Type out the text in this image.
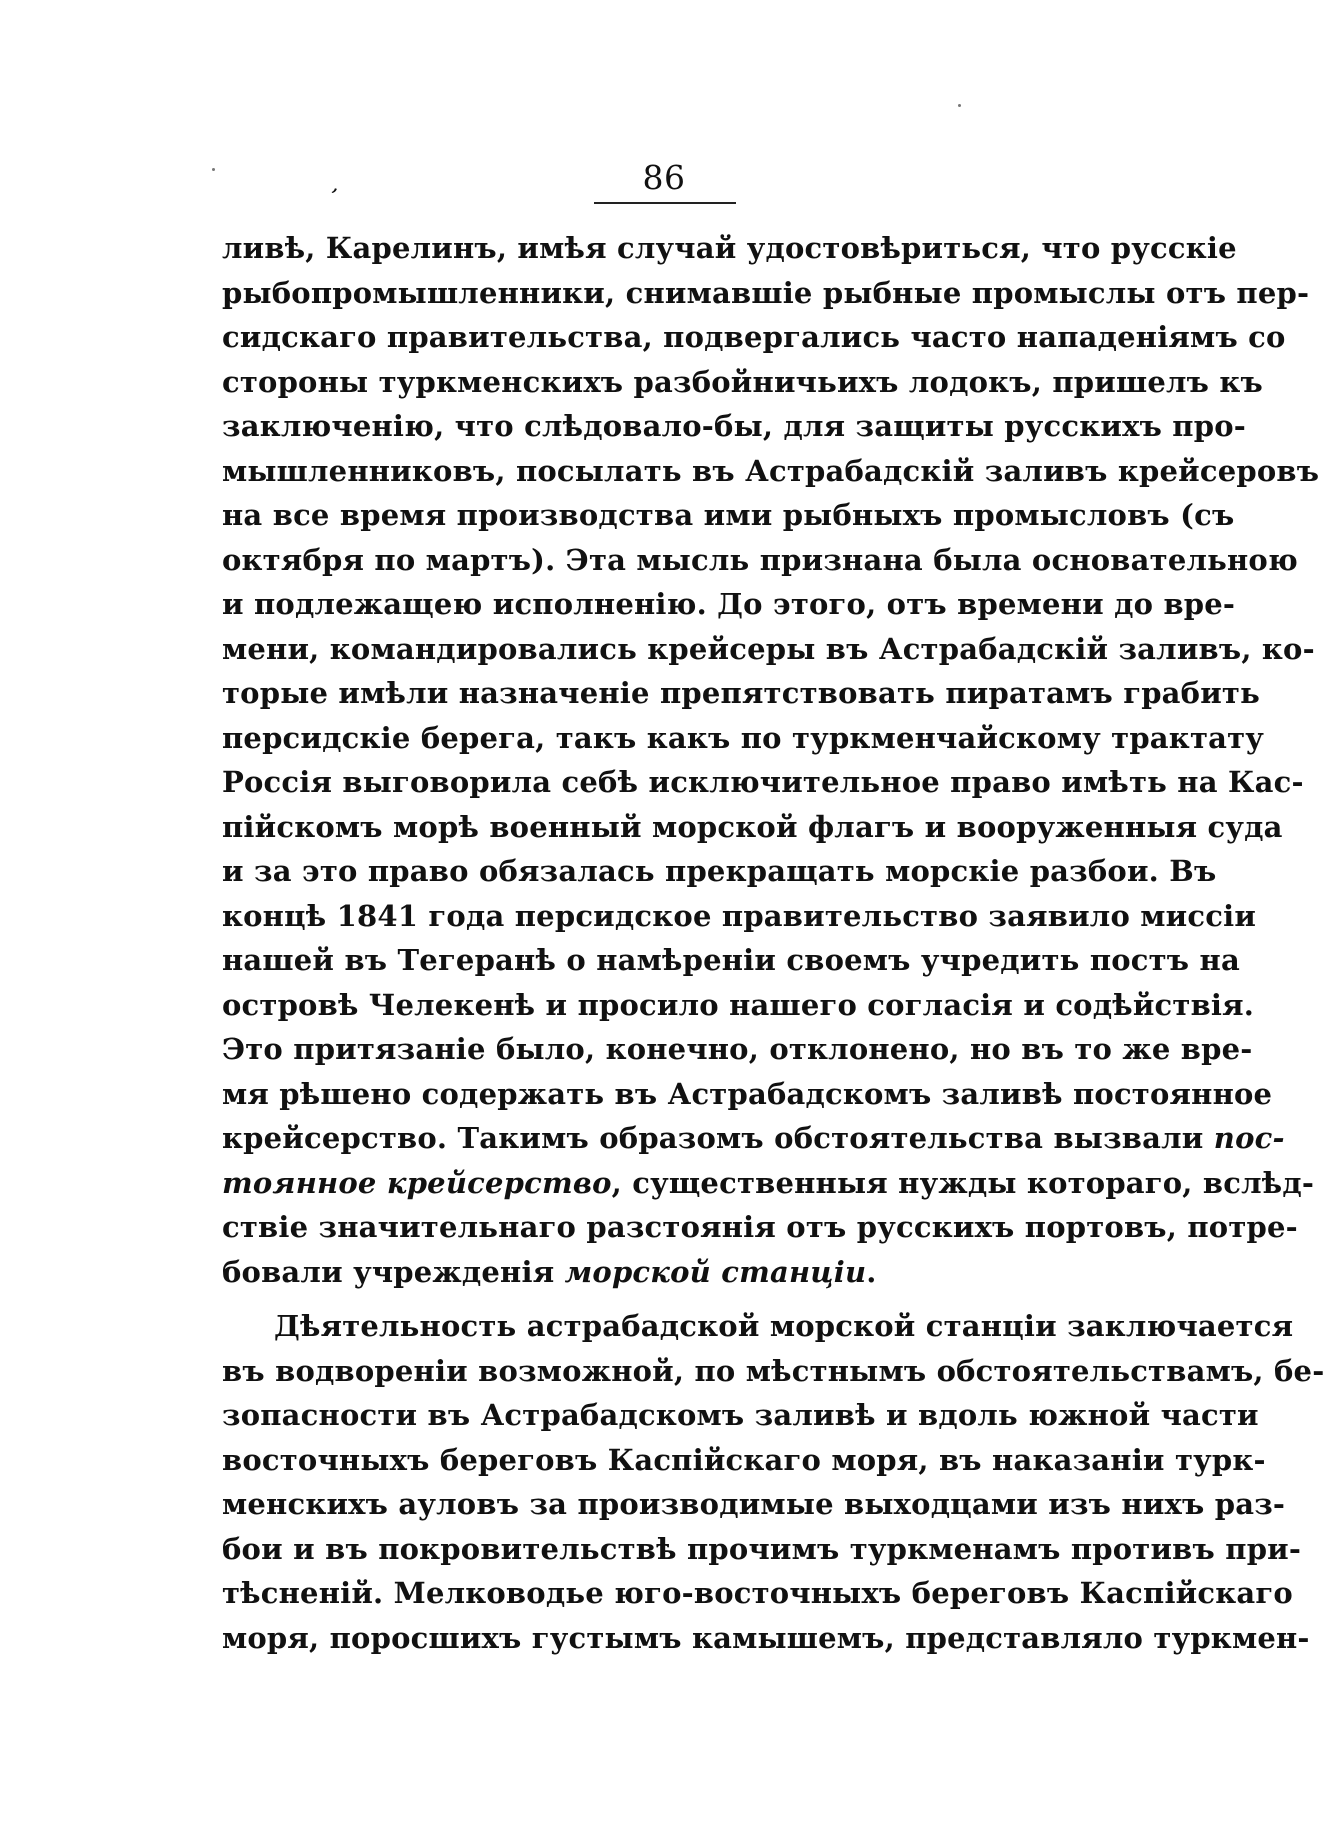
‚	86
ливѣ, Карелинъ, имѣя случай удостовѣриться, что русскіе
рыбопромышленники, снимавшіе рыбные промыслы отъ пер-
сидскаго правительства, подвергались часто нападеніямъ со
стороны туркменскихъ разбойничьихъ лодокъ, пришелъ къ
заключенію, что слѣдовало-бы, для защиты русскихъ про-
мышленниковъ, посылать въ Астрабадскій заливъ крейсеровъ
на все время производства ими рыбныхъ промысловъ (съ
октября по мартъ). Эта мысль признана была основательною
и подлежащею исполненію. До этого, отъ времени до вре-
мени, командировались крейсеры въ Астрабадскій заливъ, ко-
торые имѣли назначеніе препятствовать пиратамъ грабить
персидскіе берега, такъ какъ по туркменчайскому трактату
Россія выговорила себѣ исключительное право имѣть на Кас-
пійскомъ морѣ военный морской флагъ и вооруженныя суда
и за это право обязалась прекращать морскіе разбои. Въ
концѣ 1841 года персидское правительство заявило миссіи
нашей въ Тегеранѣ о намѣреніи своемъ учредить постъ на
островѣ Челекенѣ и просило нашего согласія и содѣйствія.
Это притязаніе было, конечно, отклонено, но въ то же вре-
мя рѣшено содержать въ Астрабадскомъ заливѣ постоянное
крейсерство. Такимъ образомъ обстоятельства вызвали пос-
тоянное крейсерство, существенныя нужды котораго, вслѣд-
ствіе значительнаго разстоянія отъ русскихъ портовъ, потре-
бовали учрежденія морской станціи.
Дѣятельность астрабадской морской станціи заключается
въ водвореніи возможной, по мѣстнымъ обстоятельствамъ, бе-
зопасности въ Астрабадскомъ заливѣ и вдоль южной части
восточныхъ береговъ Каспійскаго моря, въ наказаніи турк-
менскихъ ауловъ за производимые выходцами изъ нихъ раз-
бои и въ покровительствѣ прочимъ туркменамъ противъ при-
тѣсненій. Мелководье юго-восточныхъ береговъ Каспійскаго
моря, поросшихъ густымъ камышемъ, представляло туркмен-
